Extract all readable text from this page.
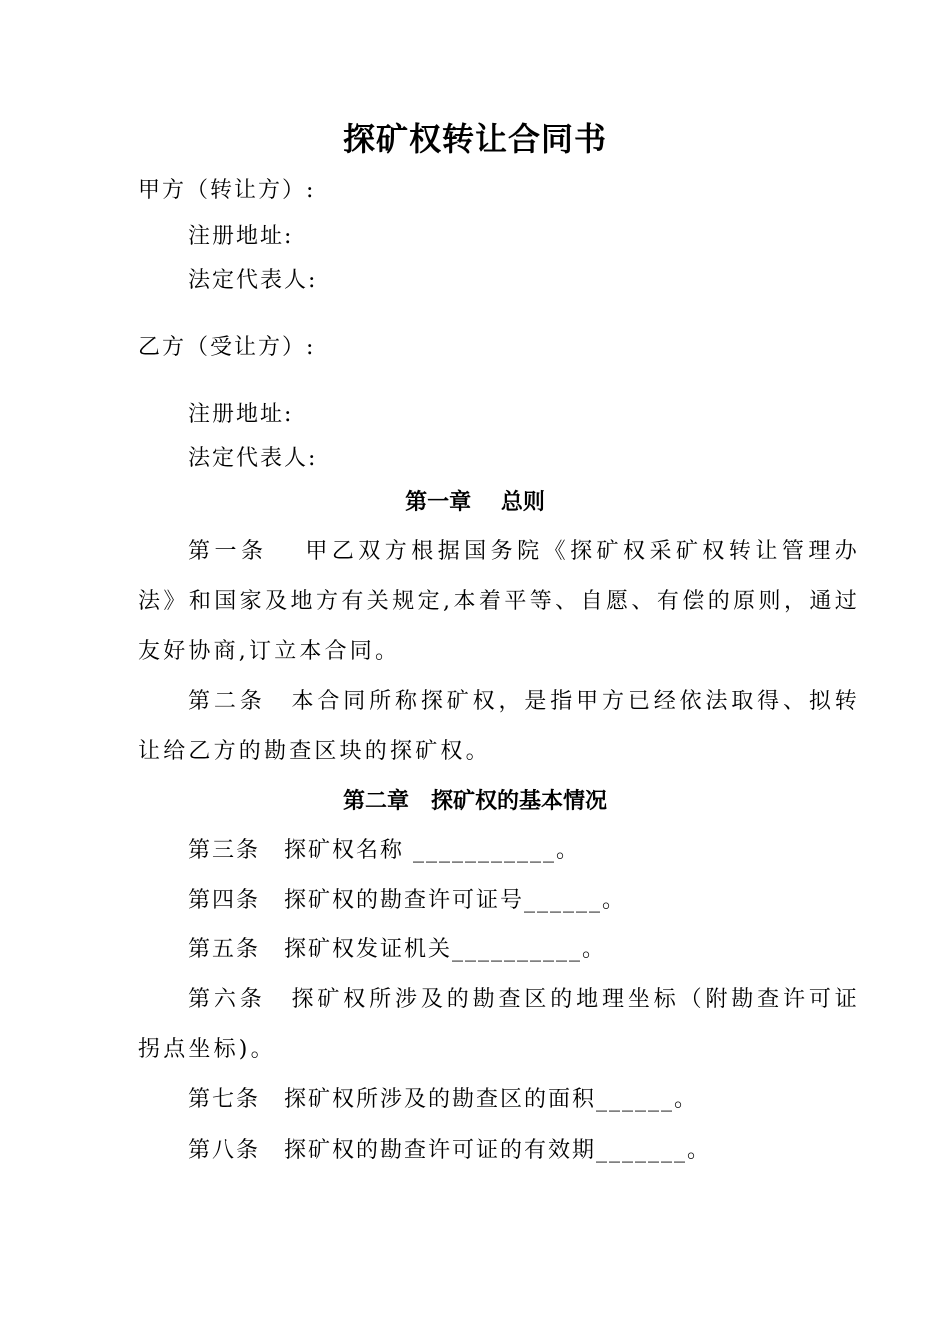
探矿权转让合同书
甲方（转让方）:
注册地址:
法定代表人:
乙方（受让方）:
注册地址:
法定代表人:
第一章　 总则
第一条　 甲乙双方根据国务院《探矿权采矿权转让管理办法》和国家及地方有关规定,本着平等、自愿、有偿的原则，通过友好协商,订立本合同。
第二条　本合同所称探矿权，是指甲方已经依法取得、拟转让给乙方的勘查区块的探矿权。
第二章　探矿权的基本情况
第三条　探矿权名称 ___________。
第四条　探矿权的勘查许可证号______。
第五条　探矿权发证机关__________。
第六条　探矿权所涉及的勘查区的地理坐标（附勘查许可证拐点坐标)。
第七条　探矿权所涉及的勘查区的面积______。
第八条　探矿权的勘查许可证的有效期_______。
